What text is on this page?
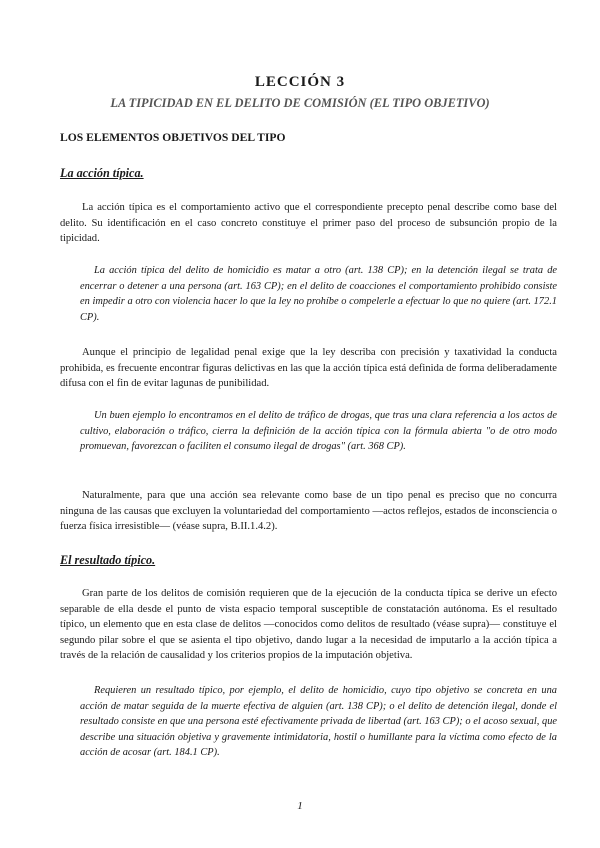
LECCIÓN 3
LA TIPICIDAD EN EL DELITO DE COMISIÓN (EL TIPO OBJETIVO)
LOS ELEMENTOS OBJETIVOS DEL TIPO
La acción típica.

La acción típica es el comportamiento activo que el correspondiente precepto penal describe como base del delito. Su identificación en el caso concreto constituye el primer paso del proceso de subsunción propio de la tipicidad.

La acción típica del delito de homicidio es matar a otro (art. 138 CP); en la detención ilegal se trata de encerrar o detener a una persona (art. 163 CP); en el delito de coacciones el comportamiento prohibido consiste en impedir a otro con violencia hacer lo que la ley no prohíbe o compelerle a efectuar lo que no quiere (art. 172.1 CP).

Aunque el principio de legalidad penal exige que la ley describa con precisión y taxatividad la conducta prohibida, es frecuente encontrar figuras delictivas en las que la acción típica está definida de forma deliberadamente difusa con el fin de evitar lagunas de punibilidad.

Un buen ejemplo lo encontramos en el delito de tráfico de drogas, que tras una clara referencia a los actos de cultivo, elaboración o tráfico, cierra la definición de la acción típica con la fórmula abierta "o de otro modo promuevan, favorezcan o faciliten el consumo ilegal de drogas" (art. 368 CP).

Naturalmente, para que una acción sea relevante como base de un tipo penal es preciso que no concurra ninguna de las causas que excluyen la voluntariedad del comportamiento —actos reflejos, estados de inconsciencia o fuerza física irresistible— (véase supra, B.II.1.4.2).

El resultado típico.

Gran parte de los delitos de comisión requieren que de la ejecución de la conducta típica se derive un efecto separable de ella desde el punto de vista espacio temporal susceptible de constatación autónoma. Es el resultado típico, un elemento que en esta clase de delitos —conocidos como delitos de resultado (véase supra)— constituye el segundo pilar sobre el que se asienta el tipo objetivo, dando lugar a la necesidad de imputarlo a la acción típica a través de la relación de causalidad y los criterios propios de la imputación objetiva.

Requieren un resultado típico, por ejemplo, el delito de homicidio, cuyo tipo objetivo se concreta en una acción de matar seguida de la muerte efectiva de alguien (art. 138 CP); o el delito de detención ilegal, donde el resultado consiste en que una persona esté efectivamente privada de libertad (art. 163 CP); o el acoso sexual, que describe una situación objetiva y gravemente intimidatoria, hostil o humillante para la víctima como efecto de la acción de acosar (art. 184.1 CP).

1
